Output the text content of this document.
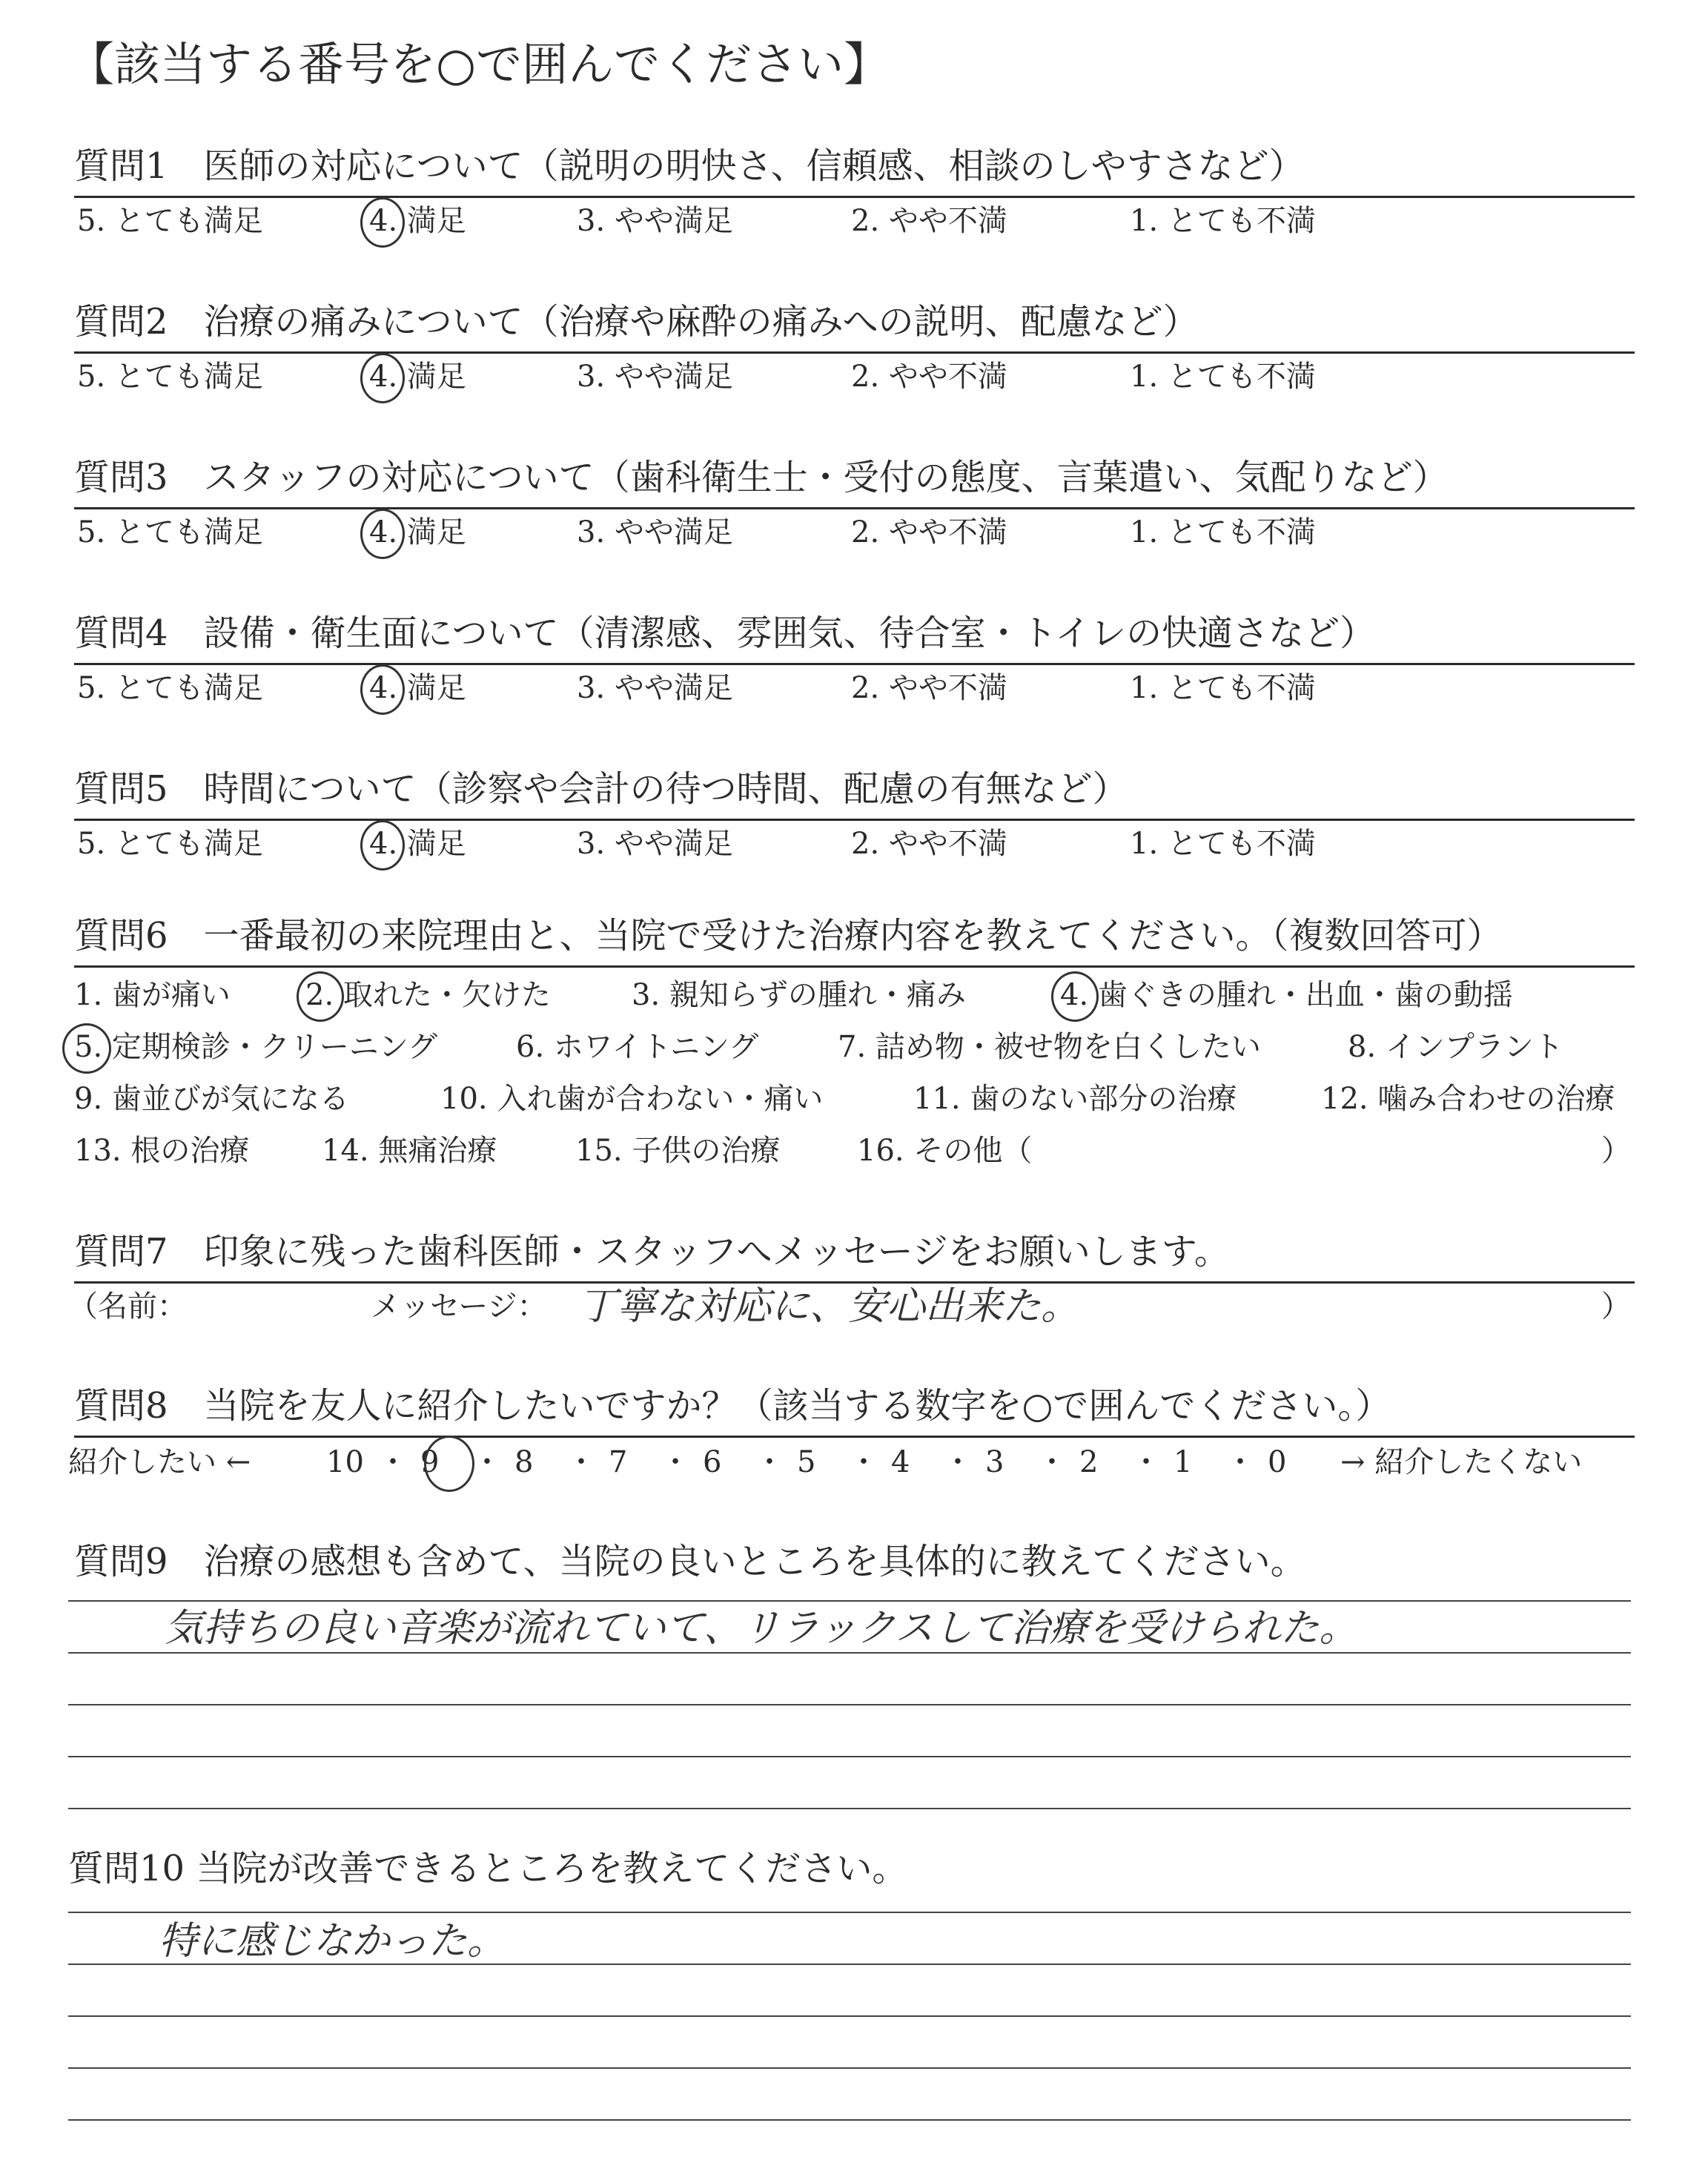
【該当する番号を○で囲んでください】
質問1　医師の対応について（説明の明快さ、信頼感、相談のしやすさなど）
5. とても満足	4. 満足	3. やや満足	2. やや不満	1. とても不満
質問2　治療の痛みについて（治療や麻酔の痛みへの説明、配慮など）
5. とても満足	4. 満足	3. やや満足	2. やや不満	1. とても不満
質問3　スタッフの対応について（歯科衛生士・受付の態度、言葉遣い、気配りなど）
5. とても満足	4. 満足	3. やや満足	2. やや不満	1. とても不満
質問4　設備・衛生面について（清潔感、雰囲気、待合室・トイレの快適さなど）
5. とても満足	4. 満足	3. やや満足	2. やや不満	1. とても不満
質問5　時間について（診察や会計の待つ時間、配慮の有無など）
5. とても満足	4. 満足	3. やや満足	2. やや不満	1. とても不満
質問6　一番最初の来院理由と、当院で受けた治療内容を教えてください。（複数回答可）
1. 歯が痛い	2. 取れた・欠けた	3. 親知らずの腫れ・痛み	4. 歯ぐきの腫れ・出血・歯の動揺
5. 定期検診・クリーニング	6. ホワイトニング	7. 詰め物・被せ物を白くしたい	8. インプラント
9. 歯並びが気になる	10. 入れ歯が合わない・痛い	11. 歯のない部分の治療	12. 噛み合わせの治療
13. 根の治療 14. 無痛治療	15. 子供の治療	16. その他（	）
質問7　印象に残った歯科医師・スタッフへメッセージをお願いします。
（名前：	メッセージ： 丁寧な対応に、安心出来た。	）
質問8　当院を友人に紹介したいですか？（該当する数字を○で囲んでください。）
紹介したい ←	10 ・ 9 ・ 8 ・ 7 ・ 6 ・ 5 ・ 4 ・ 3 ・ 2 ・ 1 ・ 0 → 紹介したくない
質問9　治療の感想も含めて、当院の良いところを具体的に教えてください。
気持ちの良い音楽が流れていて、リラックスして治療を受けられた。
質問10 当院が改善できるところを教えてください。
特に感じなかった。
